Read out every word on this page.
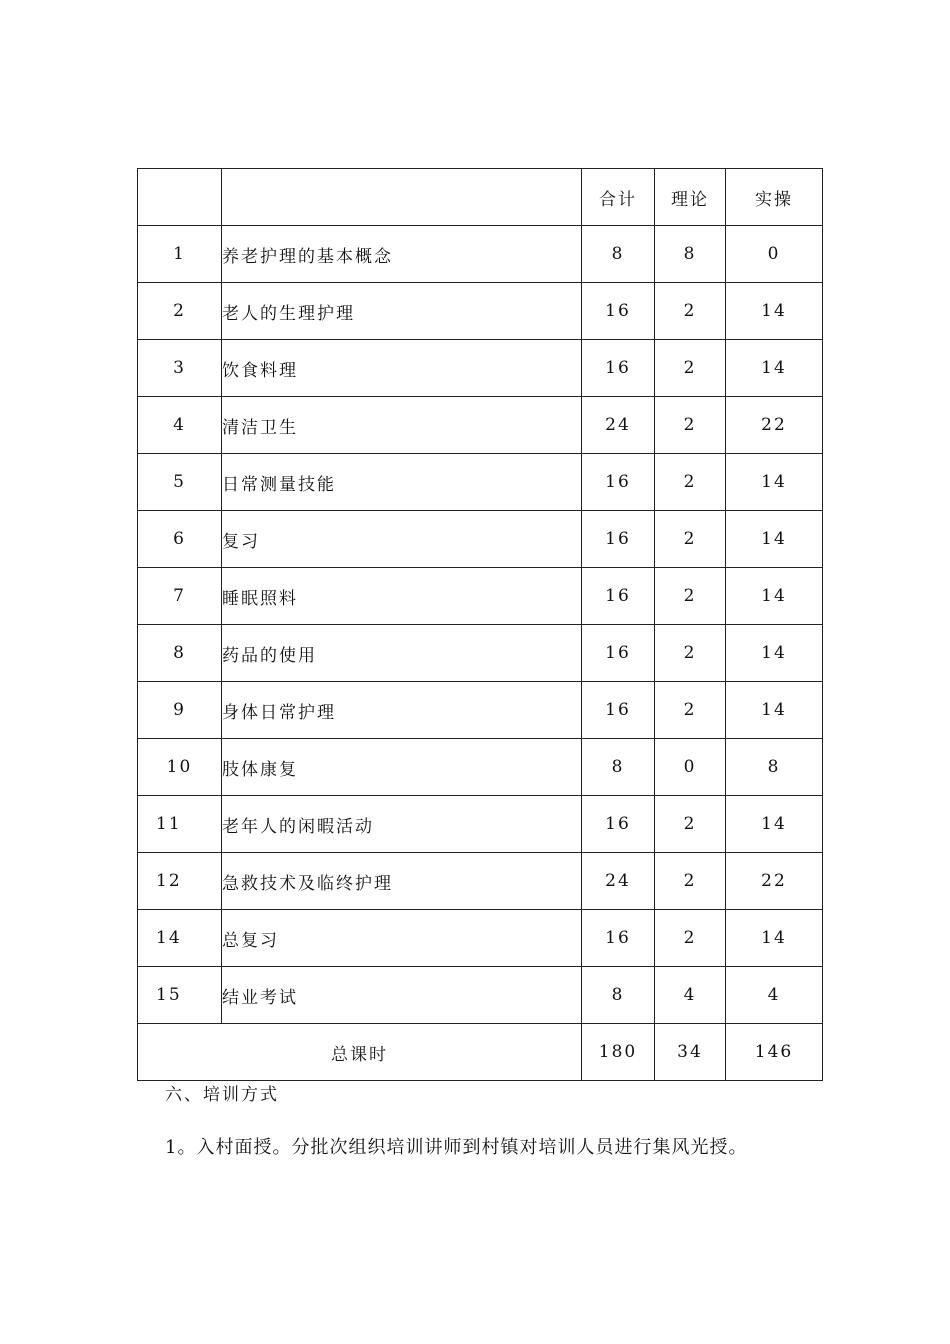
		合计	理论	实操
1	养老护理的基本概念	8	8	0
2	老人的生理护理	16	2	14
3	饮食料理	16	2	14
4	清洁卫生	24	2	22
5	日常测量技能	16	2	14
6	复习	16	2	14
7	睡眠照料	16	2	14
8	药品的使用	16	2	14
9	身体日常护理	16	2	14
10	肢体康复	8	0	8
11	老年人的闲暇活动	16	2	14
12	急救技术及临终护理	24	2	22
14	总复习	16	2	14
15	结业考试	8	4	4
总课时		180	34	146
六、培训方式
1。入村面授。分批次组织培训讲师到村镇对培训人员进行集风光授。
